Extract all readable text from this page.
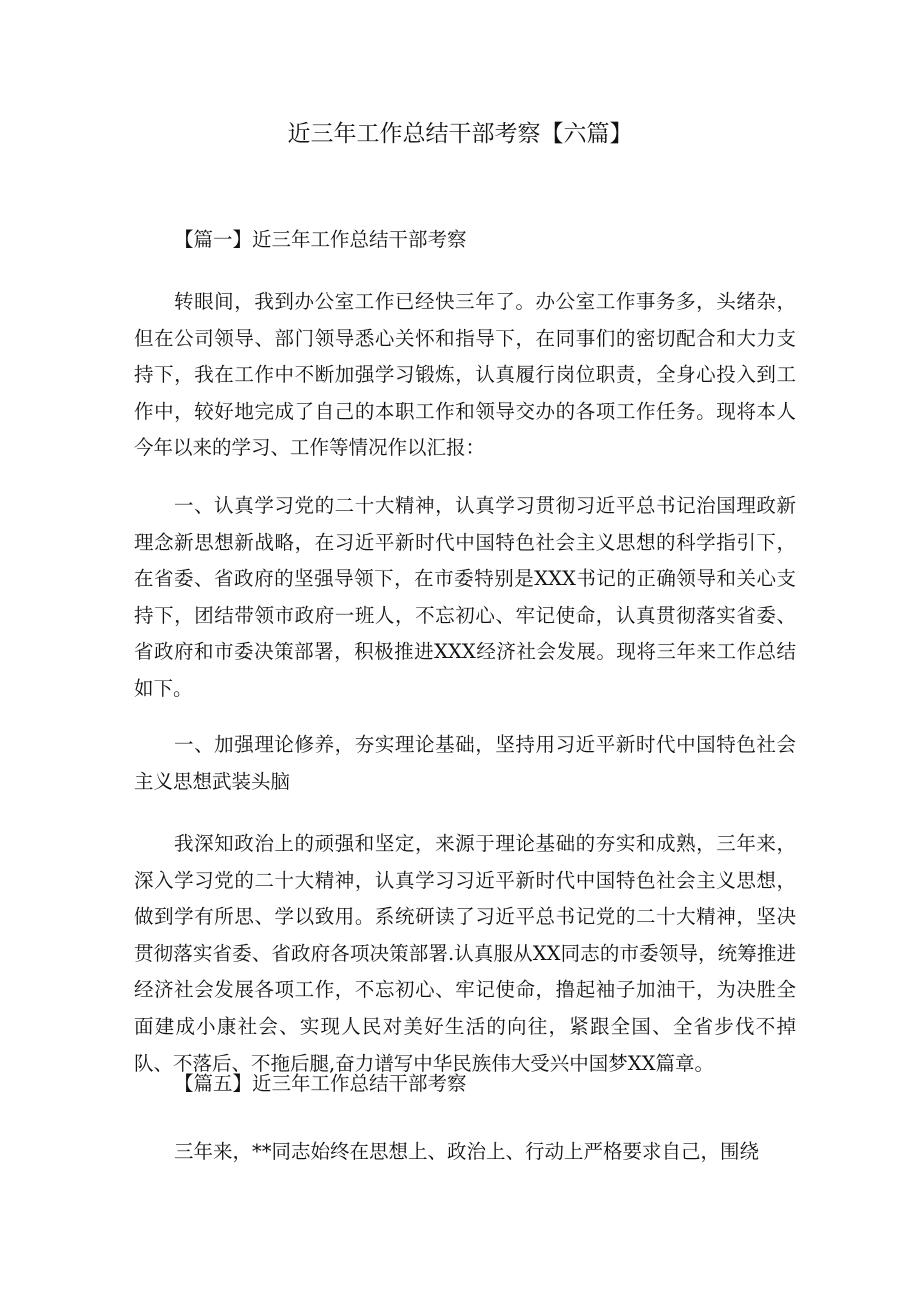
近三年工作总结干部考察【六篇】

【篇一】近三年工作总结干部考察

转眼间，我到办公室工作已经快三年了。办公室工作事务多，头绪杂，但在公司领导、部门领导悉心关怀和指导下，在同事们的密切配合和大力支持下，我在工作中不断加强学习锻炼，认真履行岗位职责，全身心投入到工作中，较好地完成了自己的本职工作和领导交办的各项工作任务。现将本人今年以来的学习、工作等情况作以汇报：

一、认真学习党的二十大精神，认真学习贯彻习近平总书记治国理政新理念新思想新战略，在习近平新时代中国特色社会主义思想的科学指引下，在省委、省政府的坚强导领下，在市委特别是XXX书记的正确领导和关心支持下，团结带领市政府一班人，不忘初心、牢记使命，认真贯彻落实省委、省政府和市委决策部署，积极推进XXX经济社会发展。现将三年来工作总结如下。

一、加强理论修养，夯实理论基础，坚持用习近平新时代中国特色社会主义思想武装头脑

我深知政治上的顽强和坚定，来源于理论基础的夯实和成熟，三年来，深入学习党的二十大精神，认真学习习近平新时代中国特色社会主义思想，做到学有所思、学以致用。系统研读了习近平总书记党的二十大精神，坚决贯彻落实省委、省政府各项决策部署.认真服从XX同志的市委领导，统筹推进经济社会发展各项工作，不忘初心、牢记使命，撸起袖子加油干，为决胜全面建成小康社会、实现人民对美好生活的向往，紧跟全国、全省步伐不掉队、不落后、不拖后腿,奋力谱写中华民族伟大受兴中国梦XX篇章。

【篇五】近三年工作总结干部考察

三年来，**同志始终在思想上、政治上、行动上严格要求自己，围绕
